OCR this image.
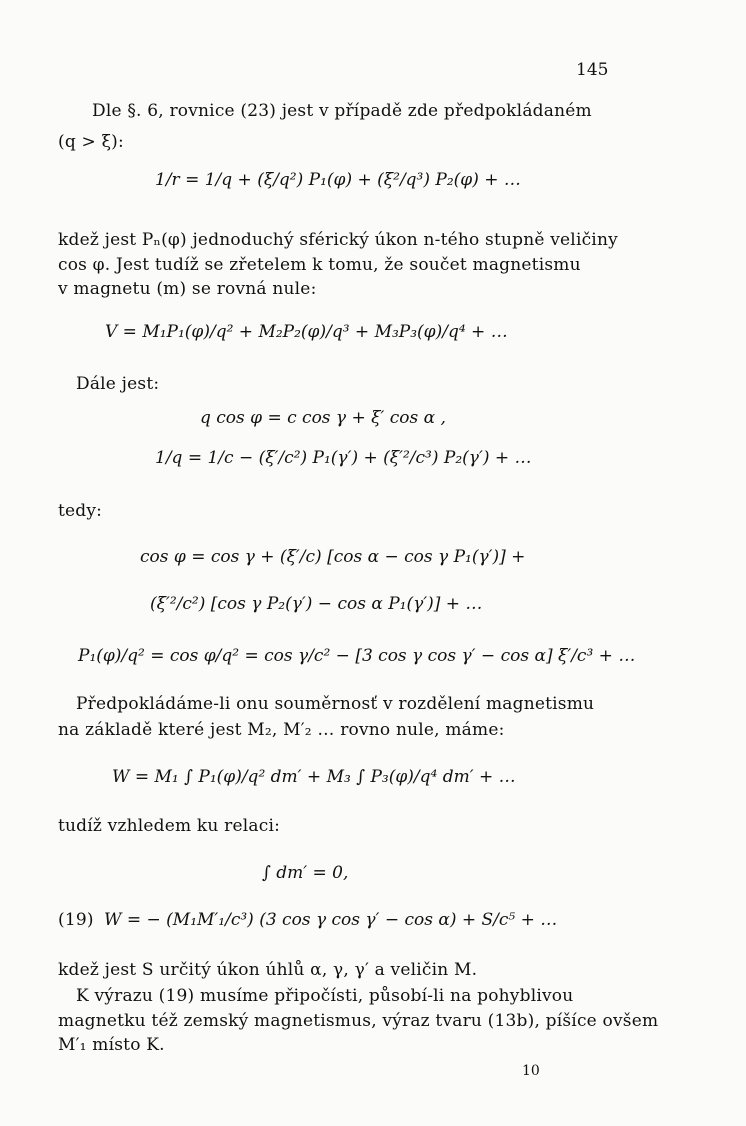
145
Dle §. 6, rovnice (23) jest v případě zde předpokládaném
(q > ξ):
1/r = 1/q + (ξ/q²) P₁(φ) + (ξ²/q³) P₂(φ) + …
kdež jest Pₙ(φ) jednoduchý sférický úkon n-tého stupně veličiny
cos φ. Jest tudíž se zřetelem k tomu, že součet magnetismu
v magnetu (m) se rovná nule:
V = M₁P₁(φ)/q² + M₂P₂(φ)/q³ + M₃P₃(φ)/q⁴ + …
Dále jest:
q cos φ = c cos γ + ξ′ cos α ,
1/q = 1/c − (ξ′/c²) P₁(γ′) + (ξ′²/c³) P₂(γ′) + …
tedy:
cos φ = cos γ + (ξ′/c) [cos α − cos γ P₁(γ′)] +
(ξ′²/c²) [cos γ P₂(γ′) − cos α P₁(γ′)] + …
P₁(φ)/q² = cos φ/q² = cos γ/c² − [3 cos γ cos γ′ − cos α] ξ′/c³ + …
Předpokládáme-li onu souměrnosť v rozdělení magnetismu
na základě které jest M₂, M′₂ … rovno nule, máme:
W = M₁ ∫ P₁(φ)/q² dm′ + M₃ ∫ P₃(φ)/q⁴ dm′ + …
tudíž vzhledem ku relaci:
∫ dm′ = 0,
(19) W = − (M₁M′₁/c³) (3 cos γ cos γ′ − cos α) + S/c⁵ + …
kdež jest S určitý úkon úhlů α, γ, γ′ a veličin M.
K výrazu (19) musíme připočísti, působí-li na pohyblivou
magnetku též zemský magnetismus, výraz tvaru (13b), píšíce ovšem
M′₁ místo K.
10
